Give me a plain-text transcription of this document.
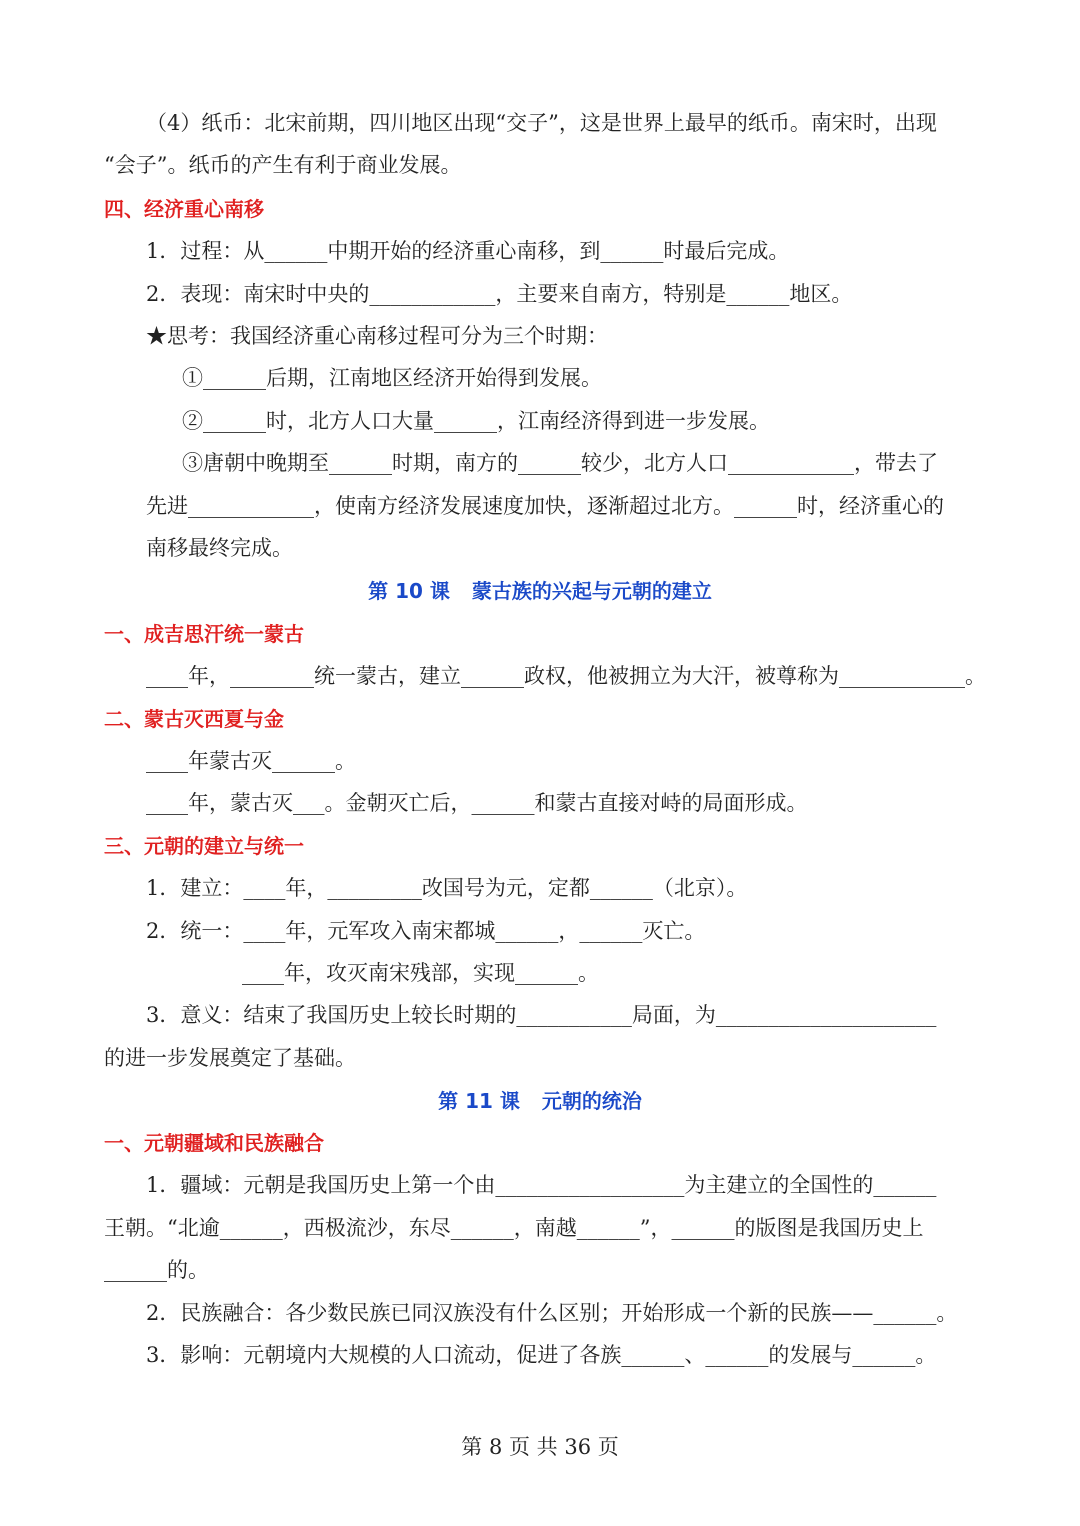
（4）纸币：北宋前期，四川地区出现“交子”，这是世界上最早的纸币。南宋时，出现
“会子”。纸币的产生有利于商业发展。
四、经济重心南移
1．过程：从______中期开始的经济重心南移，到______时最后完成。
2．表现：南宋时中央的____________，主要来自南方，特别是______地区。
★思考：我国经济重心南移过程可分为三个时期：
①______后期，江南地区经济开始得到发展。
②______时，北方人口大量______，江南经济得到进一步发展。
③唐朝中晚期至______时期，南方的______较少，北方人口____________，带去了
先进____________，使南方经济发展速度加快，逐渐超过北方。______时，经济重心的
南移最终完成。
第 10 课 蒙古族的兴起与元朝的建立
一、成吉思汗统一蒙古
____年，________统一蒙古，建立______政权，他被拥立为大汗，被尊称为____________。
二、蒙古灭西夏与金
____年蒙古灭______。
____年，蒙古灭___。金朝灭亡后，______和蒙古直接对峙的局面形成。
三、元朝的建立与统一
1．建立：____年，_________改国号为元，定都______（北京）。
2．统一：____年，元军攻入南宋都城______，______灭亡。
____年，攻灭南宋残部，实现______。
3．意义：结束了我国历史上较长时期的___________局面，为_____________________
的进一步发展奠定了基础。
第 11 课 元朝的统治
一、元朝疆域和民族融合
1．疆域：元朝是我国历史上第一个由__________________为主建立的全国性的______
王朝。“北逾______，西极流沙，东尽______，南越______”，______的版图是我国历史上
______的。
2．民族融合：各少数民族已同汉族没有什么区别；开始形成一个新的民族——______。
3．影响：元朝境内大规模的人口流动，促进了各族______、______的发展与______。
第 8 页 共 36 页
